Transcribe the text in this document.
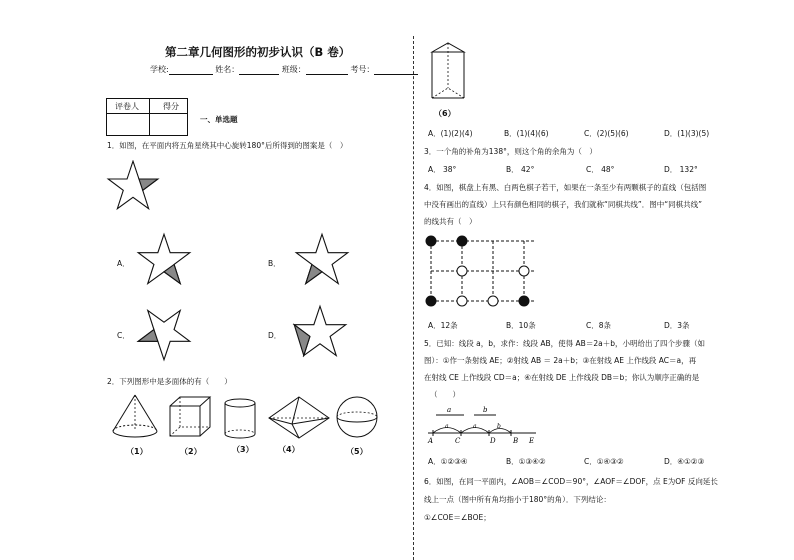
第二章几何图形的初步认识（B 卷）
学校:	姓名：	班级：	考号：
评卷人	得分
一、单选题
1．如图，在平面内将五角星绕其中心旋转180°后所得到的图案是（　）
A．	B．
C．	D．
2．下列图形中是多面体的有（　　）
（1）	（2）	（3）	（4）	（5）
（6）
A．(1)(2)(4)	B．(1)(4)(6)	C．(2)(5)(6)	D．(1)(3)(5)
3．一个角的补角为138°，则这个角的余角为（　）
A． 38°	B． 42°	C． 48°	D． 132°
4．如图，棋盘上有黑、白两色棋子若干，如果在一条至少有两颗棋子的直线（包括图
中没有画出的直线）上只有颜色相同的棋子，我们就称“同棋共线”．图中“同棋共线”
的线共有（　）
A．12条	B．10条	C．8条	D．3条
5．已知：线段 a，b，求作：线段 AB，使得 AB＝2a＋b，小明给出了四个步骤（如
图）：①作一条射线 AE；②射线 AB ＝ 2a＋b；③在射线 AE 上作线段 AC＝a，再
在射线 CE 上作线段 CD＝a；④在射线 DE 上作线段 DB＝b；你认为顺序正确的是
（　　）
a	b
a	a	b
A	C	D B E
A．①②③④	B．①③④②	C．①④③②	D．④①②③
6．如图，在同一平面内，∠AOB＝∠COD＝90°，∠AOF＝∠DOF，点 E为OF 反向延长
线上一点（图中所有角均指小于180°的角）．下列结论：
①∠COE＝∠BOE；
